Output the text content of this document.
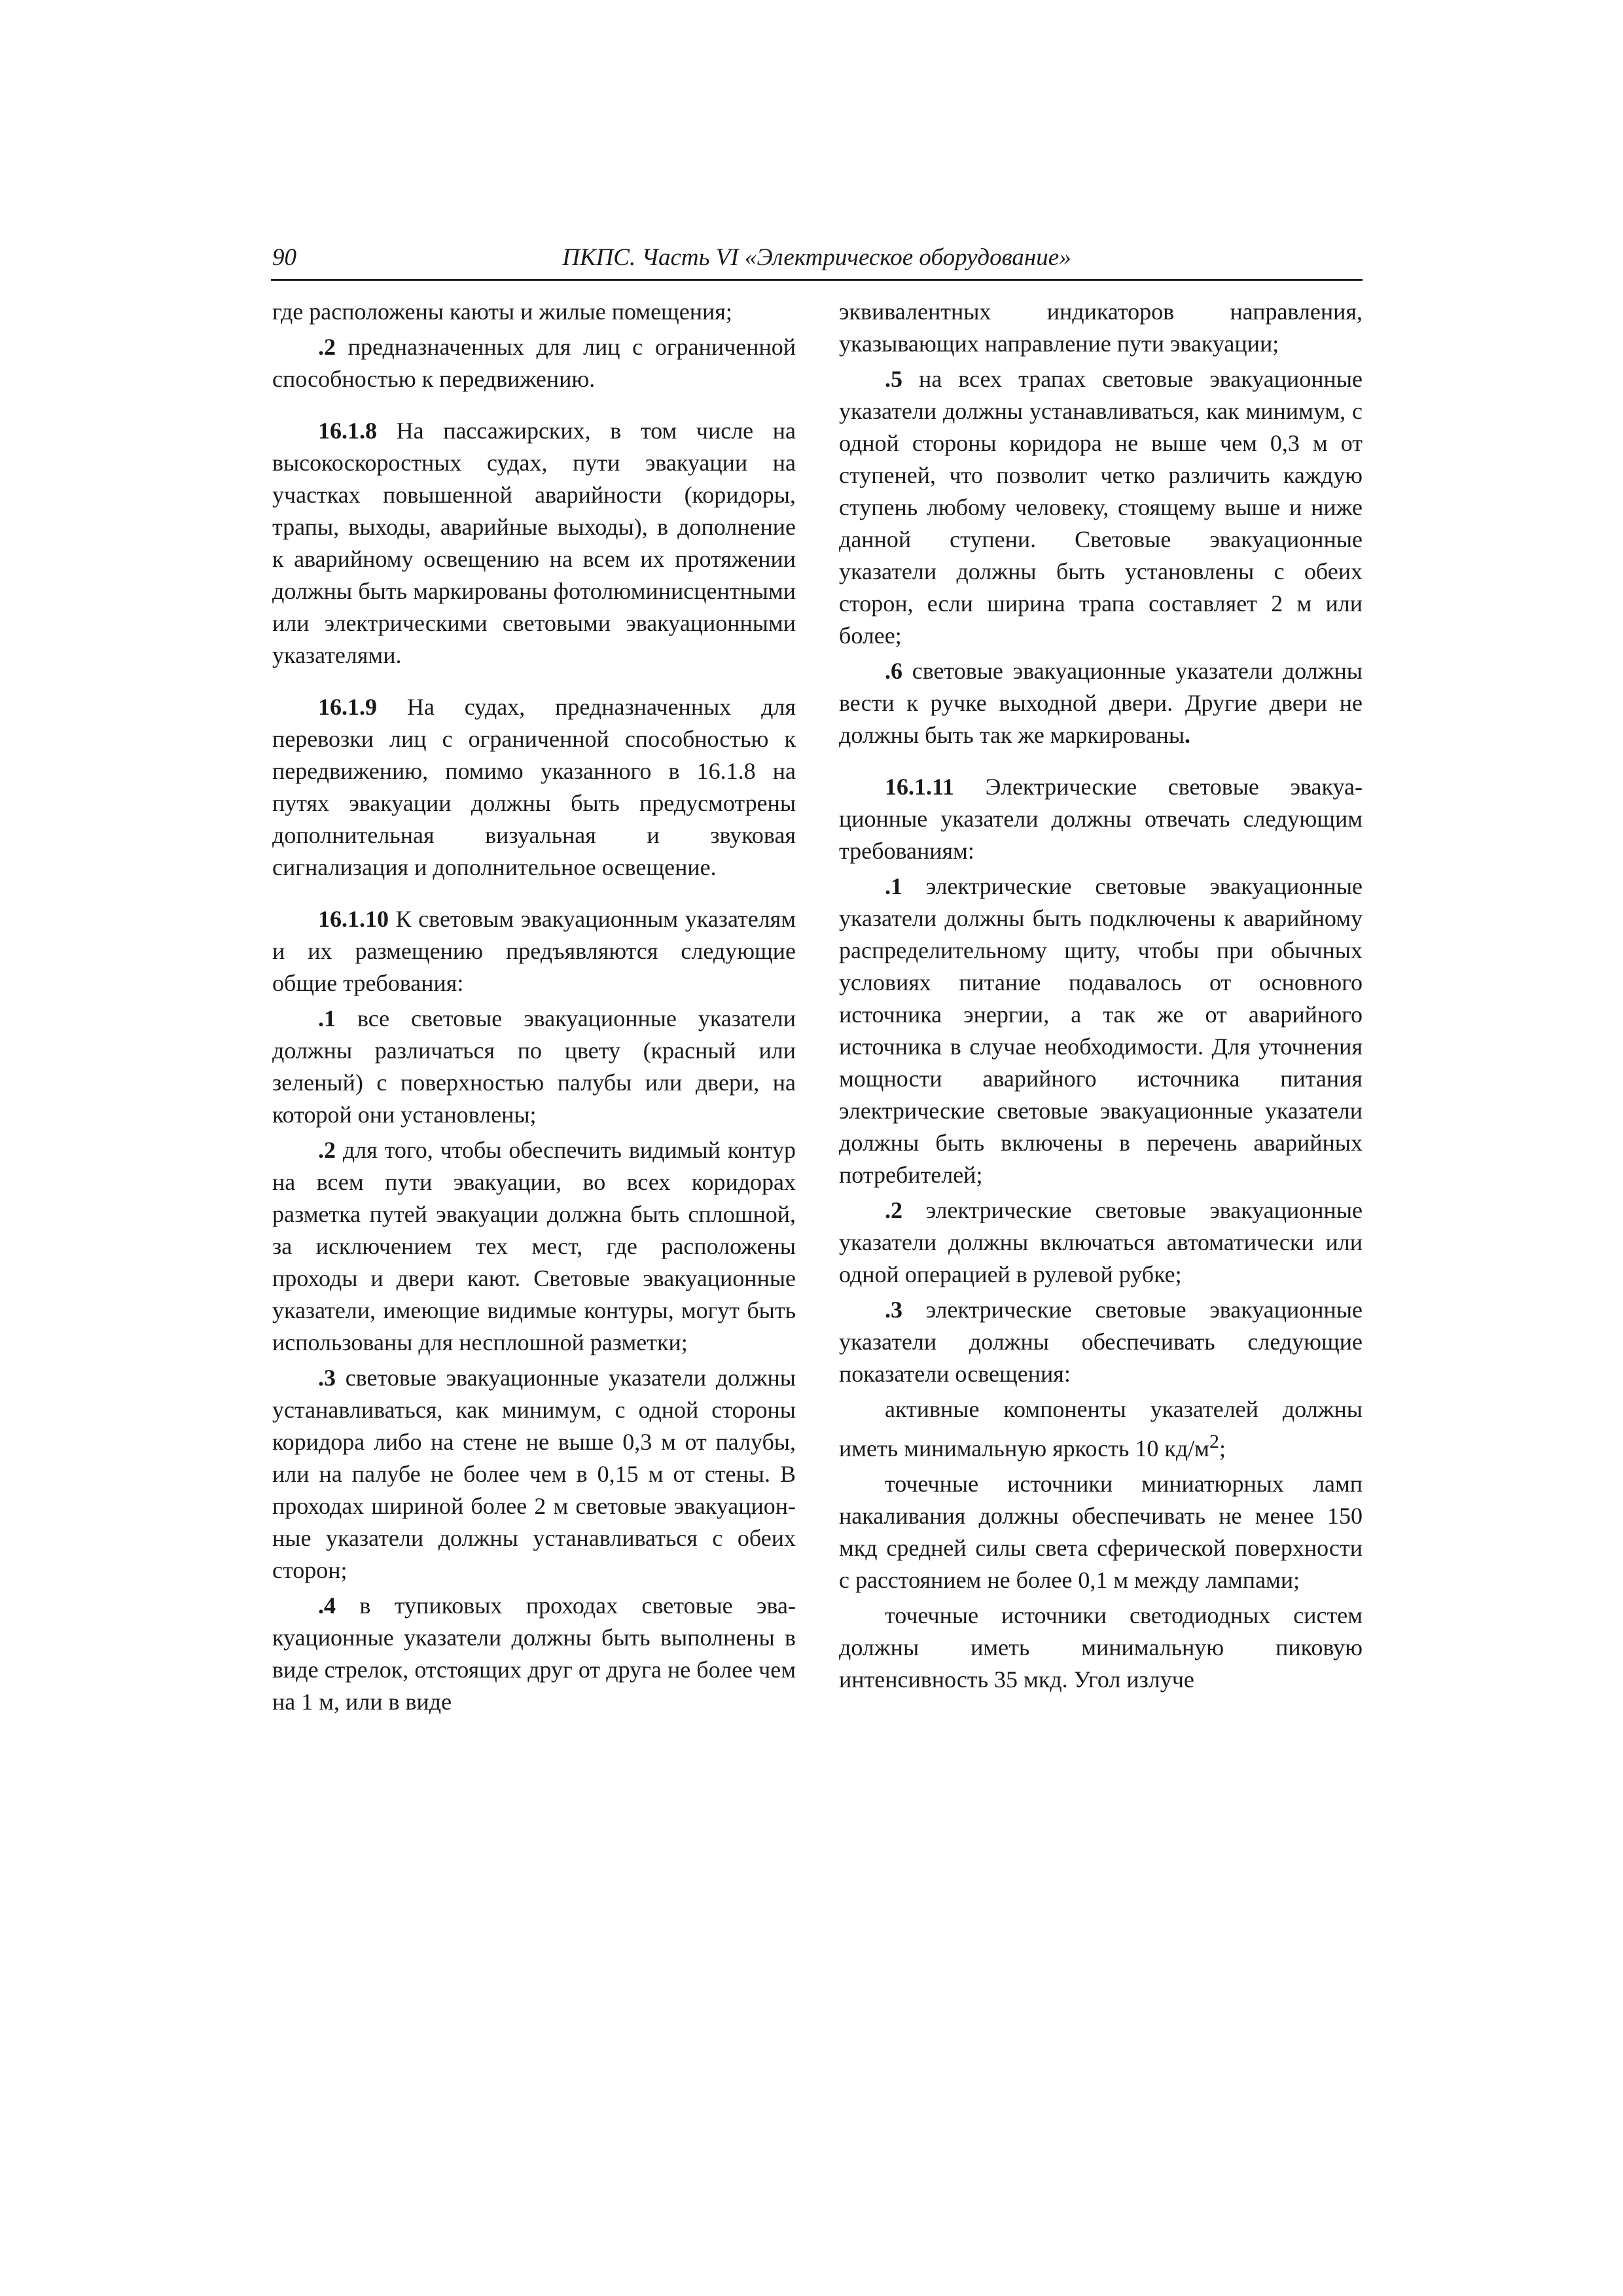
90	ПКПС. Часть VI «Электрическое оборудование»

где расположены каюты и жилые помещения;

.2 предназначенных для лиц с ограниченной способностью к передвижению.

16.1.8 На пассажирских, в том числе на высокоскоростных судах, пути эвакуации на участках повышенной аварийности (коридоры, трапы, выходы, аварийные выходы), в дополнение к аварийному освещению на всем их протяжении должны быть маркированы фотолюминисцентными или электрическими световыми эвакуационными указателями.

16.1.9 На судах, предназначенных для перевозки лиц с ограниченной способностью к передвижению, помимо указанного в 16.1.8 на путях эвакуации должны быть предусмотрены дополнительная визуальная и звуковая сигнализация и дополнительное освещение.

16.1.10 К световым эвакуационным указателям и их размещению предъявляются следующие общие требования:

.1 все световые эвакуационные указатели должны различаться по цвету (красный или зеленый) с поверхностью палубы или двери, на которой они установлены;

.2 для того, чтобы обеспечить видимый контур на всем пути эвакуации, во всех коридорах разметка путей эвакуации должна быть сплошной, за исключением тех мест, где расположены проходы и двери кают. Световые эвакуационные указатели, имеющие видимые контуры, могут быть использованы для несплошной разметки;

.3 световые эвакуационные указатели должны устанавливаться, как минимум, с одной стороны коридора либо на стене не выше 0,3 м от палубы, или на палубе не более чем в 0,15 м от стены. В проходах шириной более 2 м световые эвакуационные указатели должны устанавливаться с обеих сторон;

.4 в тупиковых проходах световые эвакуационные указатели должны быть выполнены в виде стрелок, отстоящих друг от друга не более чем на 1 м, или в виде

эквивалентных индикаторов направления, указывающих направление пути эвакуации;

.5 на всех трапах световые эвакуационные указатели должны устанавливаться, как минимум, с одной стороны коридора не выше чем 0,3 м от ступеней, что позволит четко различить каждую ступень любому человеку, стоящему выше и ниже данной ступени. Световые эвакуационные указатели должны быть установлены с обеих сторон, если ширина трапа составляет 2 м или более;

.6 световые эвакуационные указатели должны вести к ручке выходной двери. Другие двери не должны быть так же маркированы.

16.1.11 Электрические световые эвакуационные указатели должны отвечать следующим требованиям:

.1 электрические световые эвакуационные указатели должны быть подключены к аварийному распределительному щиту, чтобы при обычных условиях питание подавалось от основного источника энергии, а так же от аварийного источника в случае необходимости. Для уточнения мощности аварийного источника питания электрические световые эвакуационные указатели должны быть включены в перечень аварийных потребителей;

.2 электрические световые эвакуационные указатели должны включаться автоматически или одной операцией в рулевой рубке;

.3 электрические световые эвакуационные указатели должны обеспечивать следующие показатели освещения:

активные компоненты указателей должны иметь минимальную яркость 10 $кд/м^2$;

точечные источники миниатюрных ламп накаливания должны обеспечивать не менее 150 мкд средней силы света сферической поверхности с расстоянием не более 0,1 м между лампами;

точечные источники светодиодных систем должны иметь минимальную пиковую интенсивность 35 мкд. Угол излуче
